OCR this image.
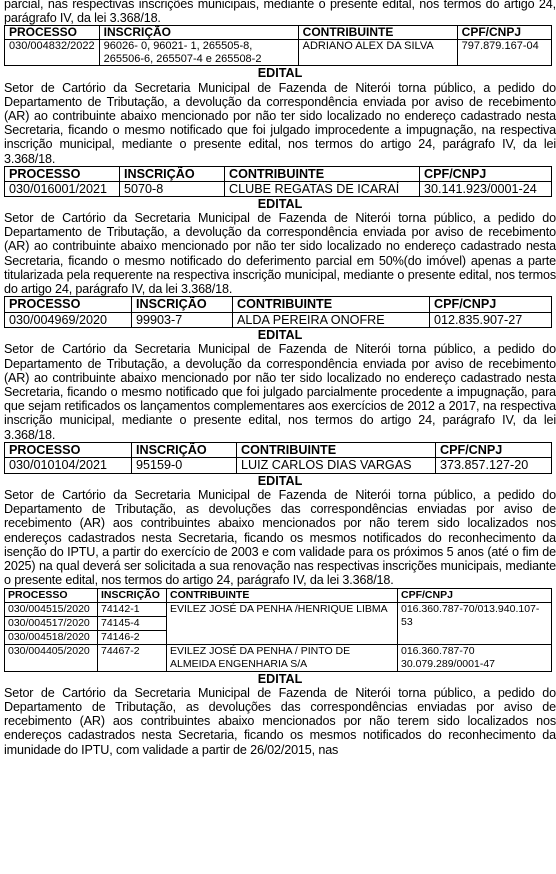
parcial, nas respectivas inscrições municipais, mediante o presente edital, nos termos do artigo 24, parágrafo IV, da lei 3.368/18.

PROCESSO	INSCRIÇÃO	CONTRIBUINTE	CPF/CNPJ
030/004832/2022	96026- 0, 96021- 1, 265505-8, 265506-6, 265507-4 e 265508-2	ADRIANO ALEX DA SILVA	797.879.167-04

EDITAL

Setor de Cartório da Secretaria Municipal de Fazenda de Niterói torna público, a pedido do Departamento de Tributação, a devolução da correspondência enviada por aviso de recebimento (AR) ao contribuinte abaixo mencionado por não ter sido localizado no endereço cadastrado nesta Secretaria, ficando o mesmo notificado que foi julgado improcedente a impugnação, na respectiva inscrição municipal, mediante o presente edital, nos termos do artigo 24, parágrafo IV, da lei 3.368/18.

PROCESSO	INSCRIÇÃO	CONTRIBUINTE	CPF/CNPJ
030/016001/2021	5070-8	CLUBE REGATAS DE ICARAÍ	30.141.923/0001-24

EDITAL

Setor de Cartório da Secretaria Municipal de Fazenda de Niterói torna público, a pedido do Departamento de Tributação, a devolução da correspondência enviada por aviso de recebimento (AR) ao contribuinte abaixo mencionado por não ter sido localizado no endereço cadastrado nesta Secretaria, ficando o mesmo notificado do deferimento parcial em 50%(do imóvel) apenas a parte titularizada pela requerente na respectiva inscrição municipal, mediante o presente edital, nos termos do artigo 24, parágrafo IV, da lei 3.368/18.

PROCESSO	INSCRIÇÃO	CONTRIBUINTE	CPF/CNPJ
030/004969/2020	99903-7	ALDA PEREIRA ONOFRE	012.835.907-27

EDITAL

Setor de Cartório da Secretaria Municipal de Fazenda de Niterói torna público, a pedido do Departamento de Tributação, a devolução da correspondência enviada por aviso de recebimento (AR) ao contribuinte abaixo mencionado por não ter sido localizado no endereço cadastrado nesta Secretaria, ficando o mesmo notificado que foi julgado parcialmente procedente a impugnação, para que sejam retificados os lançamentos complementares aos exercícios de 2012 a 2017, na respectiva inscrição municipal, mediante o presente edital, nos termos do artigo 24, parágrafo IV, da lei 3.368/18.

PROCESSO	INSCRIÇÃO	CONTRIBUINTE	CPF/CNPJ
030/010104/2021	95159-0	LUIZ CARLOS DIAS VARGAS	373.857.127-20

EDITAL

Setor de Cartório da Secretaria Municipal de Fazenda de Niterói torna público, a pedido do Departamento de Tributação, as devoluções das correspondências enviadas por aviso de recebimento (AR) aos contribuintes abaixo mencionados por não terem sido localizados nos endereços cadastrados nesta Secretaria, ficando os mesmos notificados do reconhecimento da isenção do IPTU, a partir do exercício de 2003 e com validade para os próximos 5 anos (até o fim de 2025) na qual deverá ser solicitada a sua renovação nas respectivas inscrições municipais, mediante o presente edital, nos termos do artigo 24, parágrafo IV, da lei 3.368/18.

PROCESSO	INSCRIÇÃO	CONTRIBUINTE	CPF/CNPJ
030/004515/2020	74142-1	EVILEZ JOSÉ DA PENHA /HENRIQUE LIBMA	016.360.787-70/013.940.107-53
030/004517/2020	74145-4		
030/004518/2020	74146-2		
030/004405/2020	74467-2	EVILEZ JOSÉ DA PENHA / PINTO DE ALMEIDA ENGENHARIA S/A	016.360.787-70
30.079.289/0001-47

EDITAL

Setor de Cartório da Secretaria Municipal de Fazenda de Niterói torna público, a pedido do Departamento de Tributação, as devoluções das correspondências enviadas por aviso de recebimento (AR) aos contribuintes abaixo mencionados por não terem sido localizados nos endereços cadastrados nesta Secretaria, ficando os mesmos notificados do reconhecimento da imunidade do IPTU, com validade a partir de 26/02/2015, nas
